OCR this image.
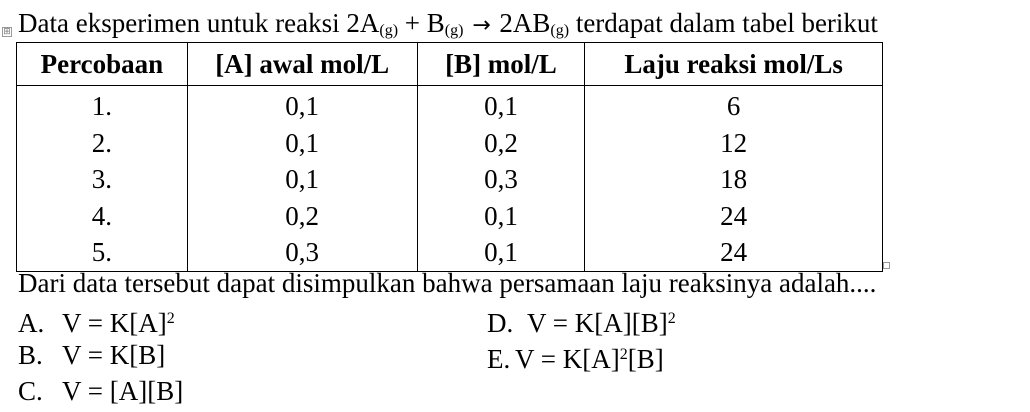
⊞ Data eksperimen untuk reaksi $2A_{(g)} + B_{(g)} \to 2AB_{(g)}$ terdapat dalam tabel berikut
Percobaan	[A] awal mol/L	[B] mol/L	Laju reaksi mol/Ls
1.	0,1	0,1	6
2.	0,1	0,2	12
3.	0,1	0,3	18
4.	0,2	0,1	24
5.	0,3	0,1	24
Dari data tersebut dapat disimpulkan bahwa persamaan laju reaksinya adalah....
A. $V = K[A]^2$
B. V = K[B]
C. V = [A][B]
D. $V = K[A][B]^2$
E. $V = K[A]^2[B]$
